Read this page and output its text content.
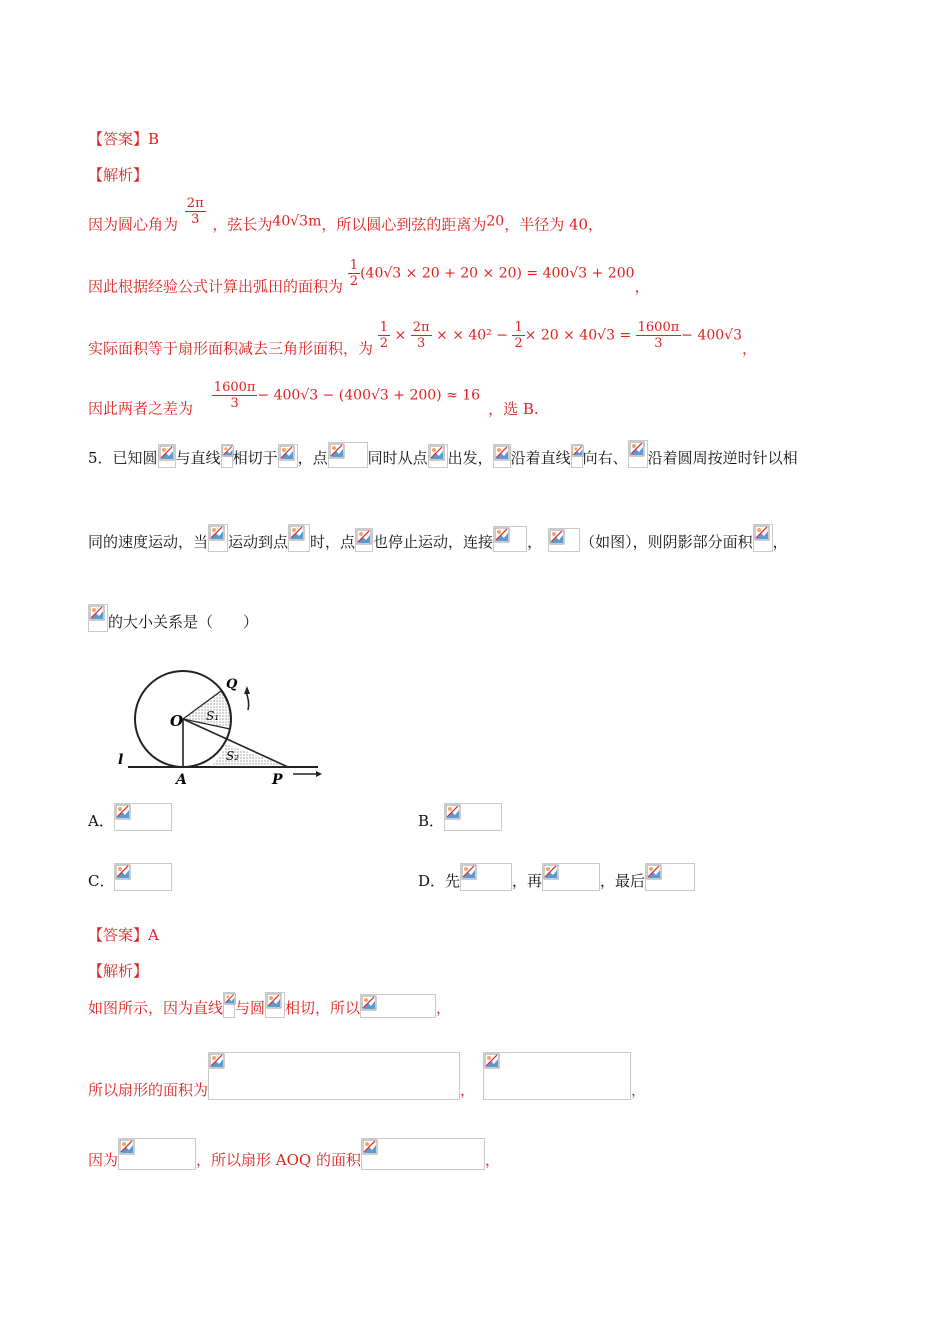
【答案】B
【解析】
因为圆心角为 $\frac{2\pi}{3}$ ，弦长为40√3m，所以圆心到弦的距离为20，半径为 40，
因此根据经验公式计算出弧田的面积为 $\frac{1}{2} (40√3 \times 20 + 20 \times 20) = 400√3 + 200$，
实际面积等于扇形面积减去三角形面积，为 $\frac{1}{2} \times \frac{2\pi}{3}$ × × $40^2 - \frac{1}{2} \times 20 \times 40√3 = \frac{1600\pi}{3} - 400√3$，
因此两者之差为 $\frac{1600\pi}{3} - 400√3 - (400√3 + 200) \approx 16$，选 B.
5．已知圆 与直线 相切于 ，点	同时从点 出发， 沿着直线 向右、 沿着圆周按逆时针以相
同的速度运动，当 运动到点 时，点 也停止运动，连接 ，	（如图），则阴影部分面积 ，
的大小关系是（　　）
O
Q
S₁
S₂
l
A	P
A．	B．
C．	D．先	，再	，最后
【答案】A
【解析】
如图所示，因为直线 与圆 相切，所以	，
所以扇形的面积为	，	，
因为	，所以扇形 AOQ 的面积	，
